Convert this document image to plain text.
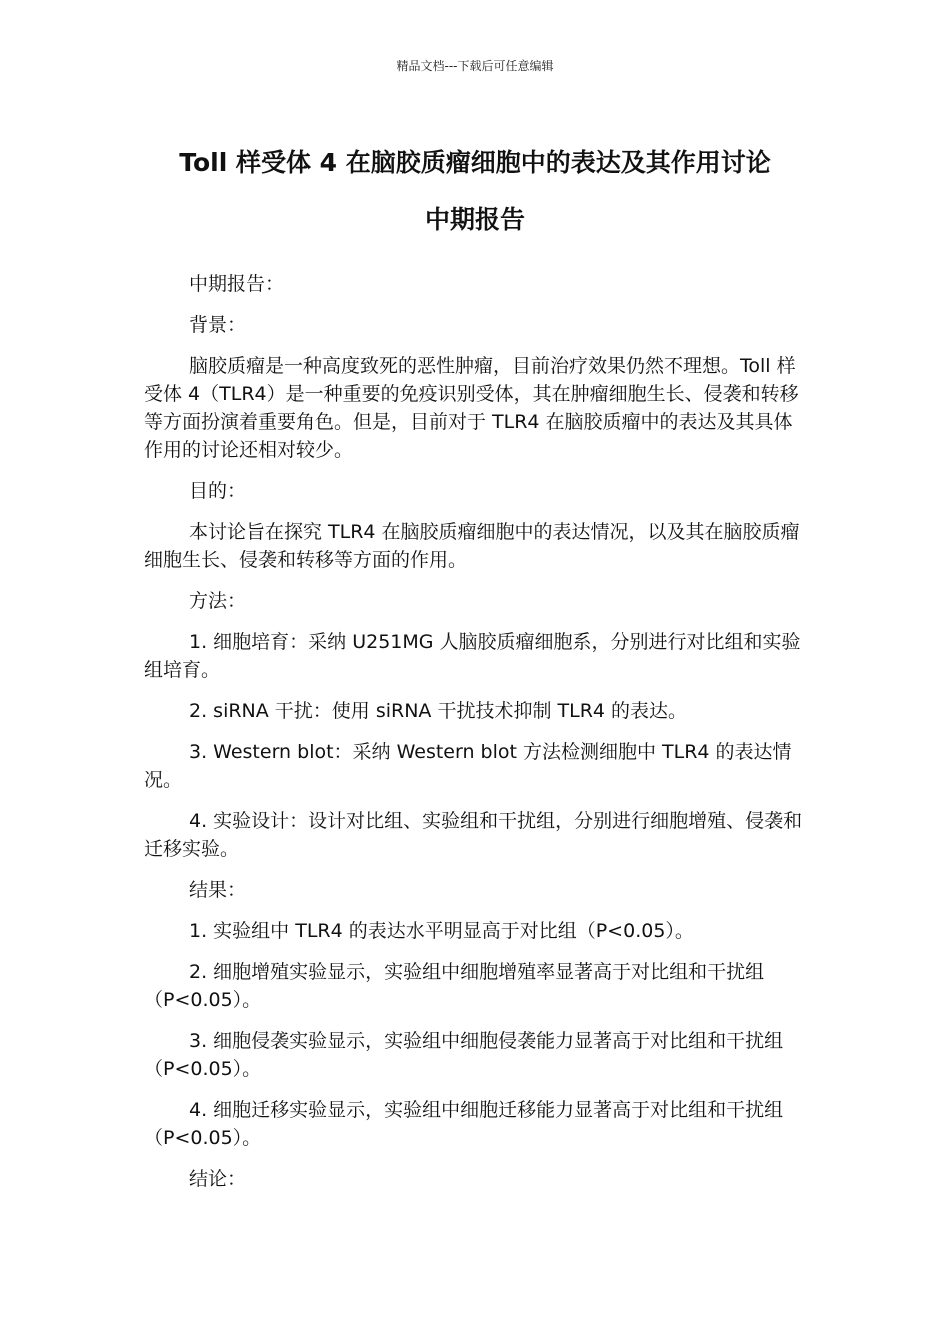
精品文档---下载后可任意编辑
Toll 样受体 4 在脑胶质瘤细胞中的表达及其作用讨论
中期报告

中期报告：

背景：

脑胶质瘤是一种高度致死的恶性肿瘤，目前治疗效果仍然不理想。Toll 样受体 4（TLR4）是一种重要的免疫识别受体，其在肿瘤细胞生长、侵袭和转移等方面扮演着重要角色。但是，目前对于 TLR4 在脑胶质瘤中的表达及其具体作用的讨论还相对较少。

目的：

本讨论旨在探究 TLR4 在脑胶质瘤细胞中的表达情况，以及其在脑胶质瘤细胞生长、侵袭和转移等方面的作用。

方法：

1. 细胞培育：采纳 U251MG 人脑胶质瘤细胞系，分别进行对比组和实验组培育。

2. siRNA 干扰：使用 siRNA 干扰技术抑制 TLR4 的表达。

3. Western blot：采纳 Western blot 方法检测细胞中 TLR4 的表达情况。

4. 实验设计：设计对比组、实验组和干扰组，分别进行细胞增殖、侵袭和迁移实验。

结果：

1. 实验组中 TLR4 的表达水平明显高于对比组（P<0.05）。

2. 细胞增殖实验显示，实验组中细胞增殖率显著高于对比组和干扰组（P<0.05）。

3. 细胞侵袭实验显示，实验组中细胞侵袭能力显著高于对比组和干扰组（P<0.05）。

4. 细胞迁移实验显示，实验组中细胞迁移能力显著高于对比组和干扰组（P<0.05）。

结论：
